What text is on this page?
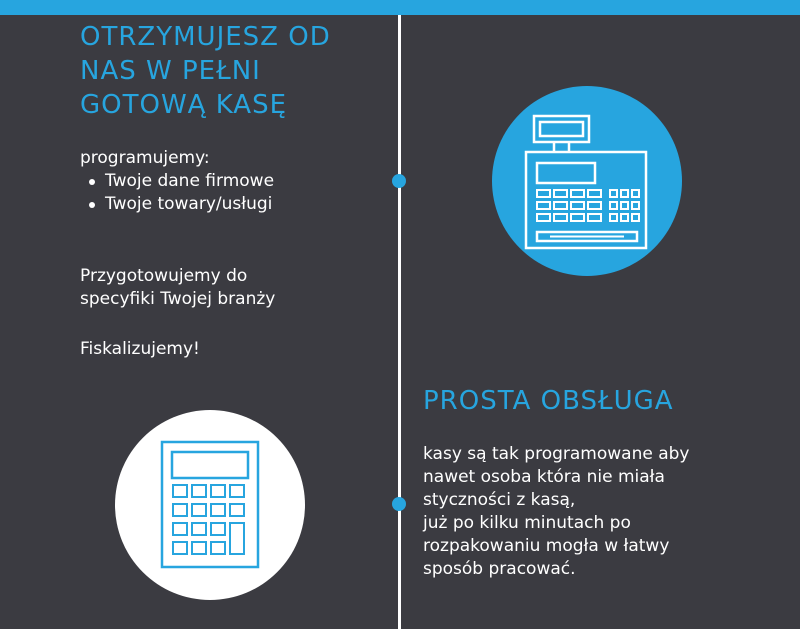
OTRZYMUJESZ OD
NAS W PEŁNI
GOTOWĄ KASĘ
programujemy:
Twoje dane firmowe
Twoje towary/usługi
Przygotowujemy do
specyfiki Twojej branży
Fiskalizujemy!
PROSTA OBSŁUGA
kasy są tak programowane aby
nawet osoba która nie miała
styczności z kasą,
już po kilku minutach po
rozpakowaniu mogła w łatwy
sposób pracować.
